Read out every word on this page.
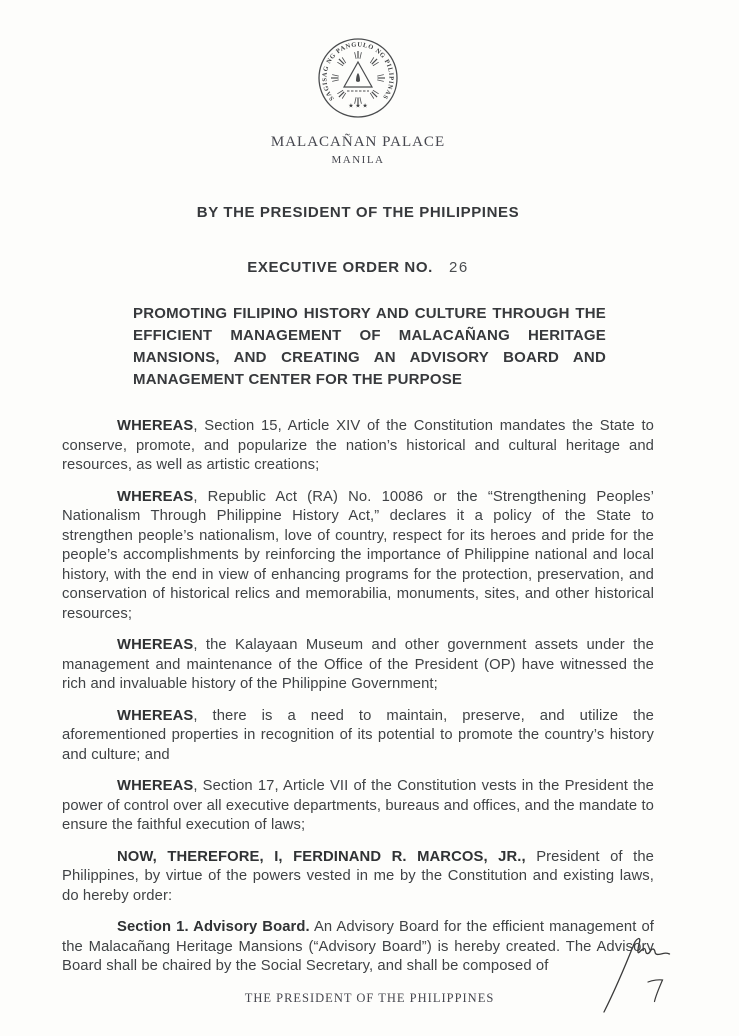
SAGISAG NG PANGULO NG PILIPINAS
★ ★ ★
MALACAÑAN PALACE
MANILA
BY THE PRESIDENT OF THE PHILIPPINES
EXECUTIVE ORDER NO. 26
PROMOTING FILIPINO HISTORY AND CULTURE THROUGH THE EFFICIENT MANAGEMENT OF MALACAÑANG HERITAGE MANSIONS, AND CREATING AN ADVISORY BOARD AND MANAGEMENT CENTER FOR THE PURPOSE

WHEREAS, Section 15, Article XIV of the Constitution mandates the State to conserve, promote, and popularize the nation’s historical and cultural heritage and resources, as well as artistic creations;

WHEREAS, Republic Act (RA) No. 10086 or the “Strengthening Peoples’ Nationalism Through Philippine History Act,” declares it a policy of the State to strengthen people’s nationalism, love of country, respect for its heroes and pride for the people’s accomplishments by reinforcing the importance of Philippine national and local history, with the end in view of enhancing programs for the protection, preservation, and conservation of historical relics and memorabilia, monuments, sites, and other historical resources;

WHEREAS, the Kalayaan Museum and other government assets under the management and maintenance of the Office of the President (OP) have witnessed the rich and invaluable history of the Philippine Government;

WHEREAS, there is a need to maintain, preserve, and utilize the aforementioned properties in recognition of its potential to promote the country’s history and culture; and

WHEREAS, Section 17, Article VII of the Constitution vests in the President the power of control over all executive departments, bureaus and offices, and the mandate to ensure the faithful execution of laws;

NOW, THEREFORE, I, FERDINAND R. MARCOS, JR., President of the Philippines, by virtue of the powers vested in me by the Constitution and existing laws, do hereby order:

Section 1. Advisory Board. An Advisory Board for the efficient management of the Malacañang Heritage Mansions (“Advisory Board”) is hereby created. The Advisory Board shall be chaired by the Social Secretary, and shall be composed of

THE PRESIDENT OF THE PHILIPPINES
